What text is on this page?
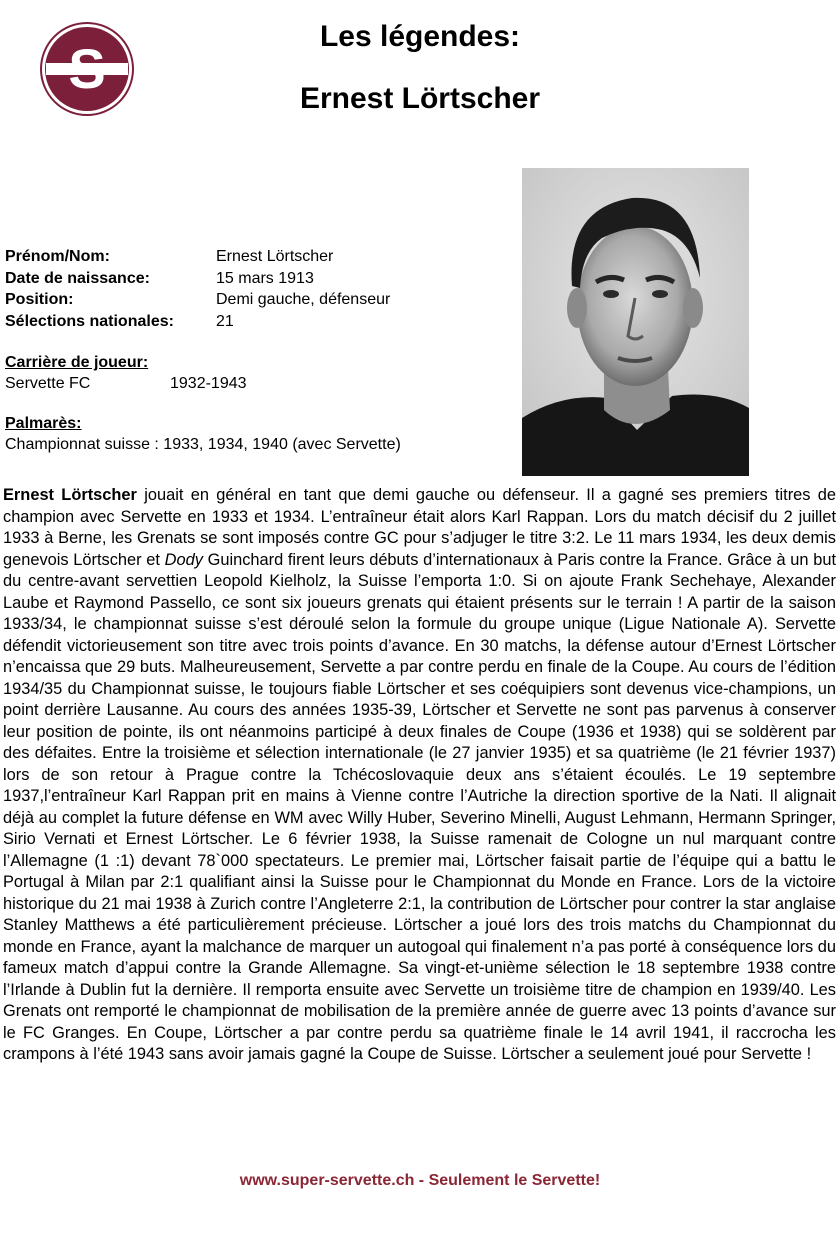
S
Les légendes:
Ernest Lörtscher
Prénom/Nom:	Ernest Lörtscher
Date de naissance:	15 mars 1913
Position:	Demi gauche, défenseur
Sélections nationales:	21
Carrière de joueur:
Servette FC	1932-1943
Palmarès:
Championnat suisse : 1933, 1934, 1940 (avec Servette)

Ernest Lörtscher jouait en général en tant que demi gauche ou défenseur. Il a gagné ses premiers titres de champion avec Servette en 1933 et 1934. L’entraîneur était alors Karl Rappan. Lors du match décisif du 2 juillet 1933 à Berne, les Grenats se sont imposés contre GC pour s’adjuger le titre 3:2. Le 11 mars 1934, les deux demis genevois Lörtscher et Dody Guinchard firent leurs débuts d’internationaux à Paris contre la France. Grâce à un but du centre-avant servettien Leopold Kielholz, la Suisse l’emporta 1:0. Si on ajoute Frank Sechehaye, Alexander Laube et Raymond Passello, ce sont six joueurs grenats qui étaient présents sur le terrain ! A partir de la saison 1933/34, le championnat suisse s’est déroulé selon la formule du groupe unique (Ligue Nationale A). Servette défendit victorieusement son titre avec trois points d’avance. En 30 matchs, la défense autour d’Ernest Lörtscher n’encaissa que 29 buts. Malheureusement, Servette a par contre perdu en finale de la Coupe. Au cours de l’édition 1934/35 du Championnat suisse, le toujours fiable Lörtscher et ses coéquipiers sont devenus vice-champions, un point derrière Lausanne. Au cours des années 1935-39, Lörtscher et Servette ne sont pas parvenus à conserver leur position de pointe, ils ont néanmoins participé à deux finales de Coupe (1936 et 1938) qui se soldèrent par des défaites. Entre la troisième et sélection internationale (le 27 janvier 1935) et sa quatrième (le 21 février 1937) lors de son retour à Prague contre la Tchécoslovaquie deux ans s’étaient écoulés. Le 19 septembre 1937,l’entraîneur Karl Rappan prit en mains à Vienne contre l’Autriche la direction sportive de la Nati. Il alignait déjà au complet la future défense en WM avec Willy Huber, Severino Minelli, August Lehmann, Hermann Springer, Sirio Vernati et Ernest Lörtscher. Le 6 février 1938, la Suisse ramenait de Cologne un nul marquant contre l’Allemagne (1 :1) devant 78`000 spectateurs. Le premier mai, Lörtscher faisait partie de l’équipe qui a battu le Portugal à Milan par 2:1 qualifiant ainsi la Suisse pour le Championnat du Monde en France. Lors de la victoire historique du 21 mai 1938 à Zurich contre l’Angleterre 2:1, la contribution de Lörtscher pour contrer la star anglaise Stanley Matthews a été particulièrement précieuse. Lörtscher a joué lors des trois matchs du Championnat du monde en France, ayant la malchance de marquer un autogoal qui finalement n’a pas porté à conséquence lors du fameux match d’appui contre la Grande Allemagne. Sa vingt-et-unième sélection le 18 septembre 1938 contre l’Irlande à Dublin fut la dernière. Il remporta ensuite avec Servette un troisième titre de champion en 1939/40. Les Grenats ont remporté le championnat de mobilisation de la première année de guerre avec 13 points d’avance sur le FC Granges. En Coupe, Lörtscher a par contre perdu sa quatrième finale le 14 avril 1941, il raccrocha les crampons à l’été 1943 sans avoir jamais gagné la Coupe de Suisse. Lörtscher a seulement joué pour Servette !

www.super-servette.ch - Seulement le Servette!
